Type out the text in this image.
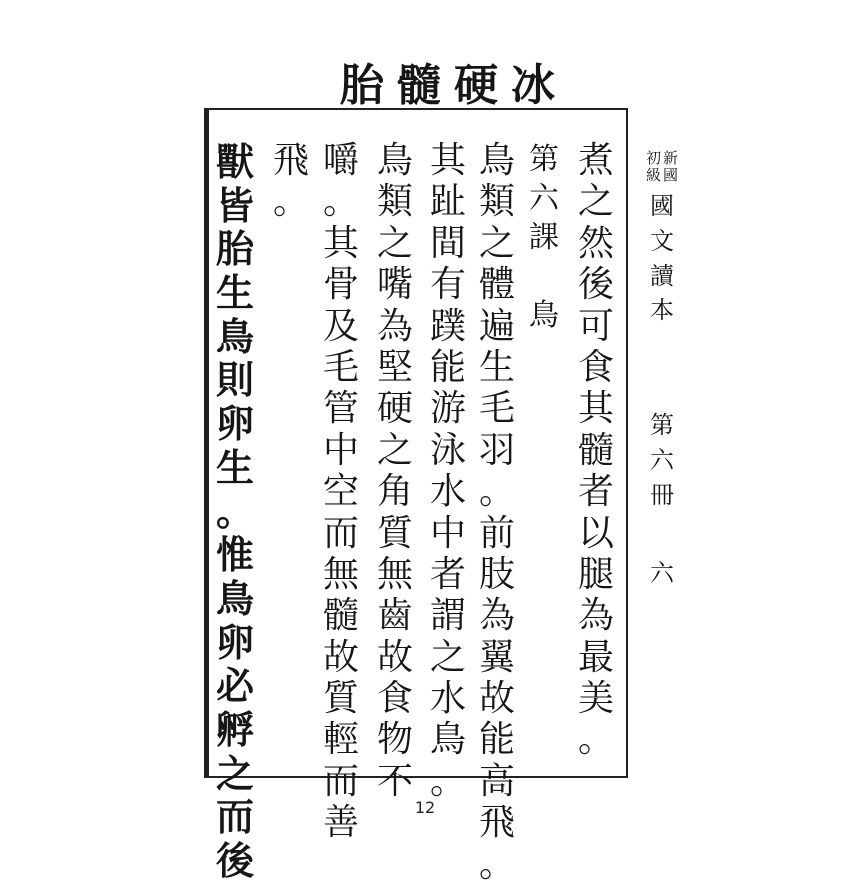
冰
硬
髓
胎
煮
之
然
後
可
食
其
髓
者
以
腿
為
最
美
。
第
六
課

鳥
鳥
類
之
體
遍
生
毛
羽
。
前
肢
為
翼
故
能
高
飛
。
其
趾
間
有
蹼
能
游
泳
水
中
者
謂
之
水
鳥
。
鳥
類
之
嘴
為
堅
硬
之
角
質
無
齒
故
食
物
不
嚼
。
其
骨
及
毛
管
中
空
而
無
髓
故
質
輕
而
善
飛
。
獸
皆
胎
生
鳥
則
卵
生
。
惟
鳥
卵
必
孵
之
而
後
新
國
初
級
國
文
讀
本
第
六
冊
六
12
